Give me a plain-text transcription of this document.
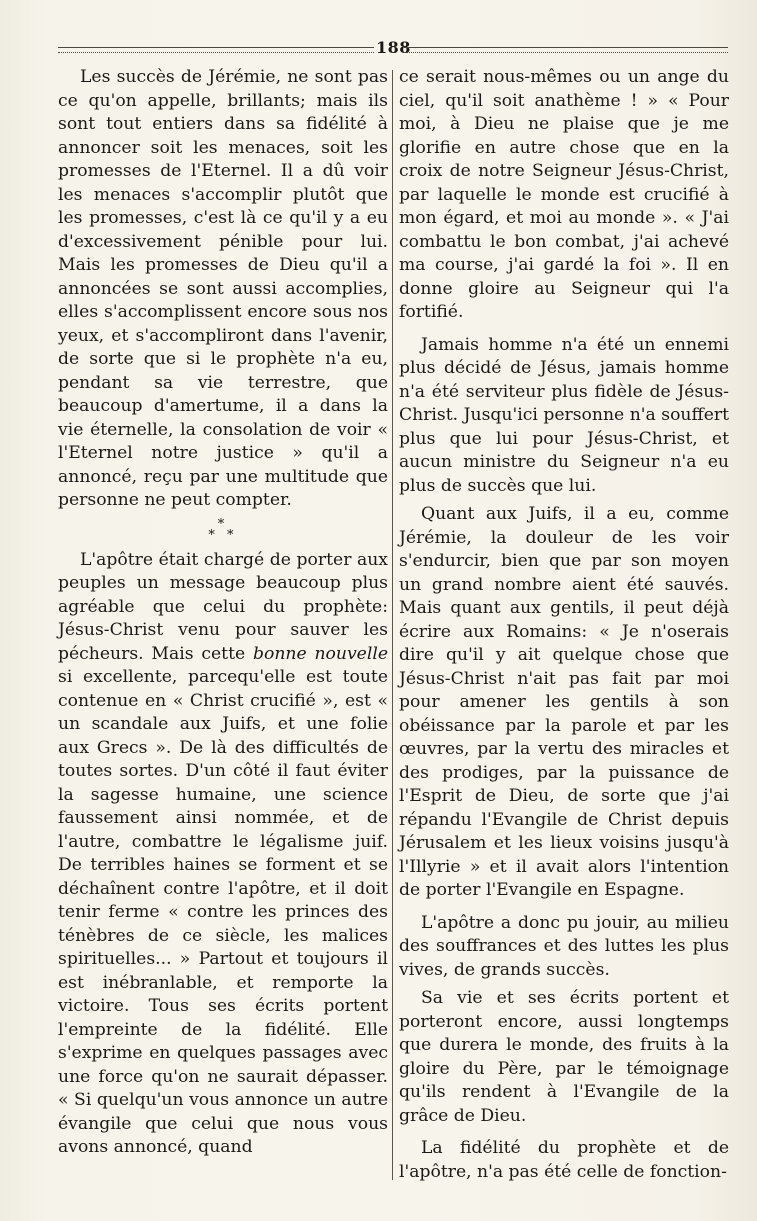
188

Les succès de Jérémie, ne sont pas ce qu'on appelle, brillants; mais ils sont tout entiers dans sa fidélité à annoncer soit les menaces, soit les promesses de l'Eternel. Il a dû voir les menaces s'accomplir plutôt que les promesses, c'est là ce qu'il y a eu d'excessivement pénible pour lui. Mais les promesses de Dieu qu'il a annoncées se sont aussi accomplies, elles s'accomplissent encore sous nos yeux, et s'accompliront dans l'avenir, de sorte que si le prophète n'a eu, pendant sa vie terrestre, que beaucoup d'amertume, il a dans la vie éternelle, la consolation de voir « l'Eternel notre justice » qu'il a annoncé, reçu par une multitude que personne ne peut compter.

*
* *

L'apôtre était chargé de porter aux peuples un message beaucoup plus agréable que celui du prophète: Jésus-Christ venu pour sauver les pécheurs. Mais cette bonne nouvelle si excellente, parcequ'elle est toute contenue en « Christ crucifié », est « un scandale aux Juifs, et une folie aux Grecs ». De là des difficultés de toutes sortes. D'un côté il faut éviter la sagesse humaine, une science faussement ainsi nommée, et de l'autre, combattre le légalisme juif. De terribles haines se forment et se déchaînent contre l'apôtre, et il doit tenir ferme « contre les princes des ténèbres de ce siècle, les malices spirituelles... » Partout et toujours il est inébranlable, et remporte la victoire. Tous ses écrits portent l'empreinte de la fidélité. Elle s'exprime en quelques passages avec une force qu'on ne saurait dépasser. « Si quelqu'un vous annonce un autre évangile que celui que nous vous avons annoncé, quand

ce serait nous-mêmes ou un ange du ciel, qu'il soit anathème ! » « Pour moi, à Dieu ne plaise que je me glorifie en autre chose que en la croix de notre Seigneur Jésus-Christ, par laquelle le monde est crucifié à mon égard, et moi au monde ». « J'ai combattu le bon combat, j'ai achevé ma course, j'ai gardé la foi ». Il en donne gloire au Seigneur qui l'a fortifié.

Jamais homme n'a été un ennemi plus décidé de Jésus, jamais homme n'a été serviteur plus fidèle de Jésus-Christ. Jusqu'ici personne n'a souffert plus que lui pour Jésus-Christ, et aucun ministre du Seigneur n'a eu plus de succès que lui.

Quant aux Juifs, il a eu, comme Jérémie, la douleur de les voir s'endurcir, bien que par son moyen un grand nombre aient été sauvés. Mais quant aux gentils, il peut déjà écrire aux Romains: « Je n'oserais dire qu'il y ait quelque chose que Jésus-Christ n'ait pas fait par moi pour amener les gentils à son obéissance par la parole et par les œuvres, par la vertu des miracles et des prodiges, par la puissance de l'Esprit de Dieu, de sorte que j'ai répandu l'Evangile de Christ depuis Jérusalem et les lieux voisins jusqu'à l'Illyrie » et il avait alors l'intention de porter l'Evangile en Espagne.

L'apôtre a donc pu jouir, au milieu des souffrances et des luttes les plus vives, de grands succès.

Sa vie et ses écrits portent et porteront encore, aussi longtemps que durera le monde, des fruits à la gloire du Père, par le témoignage qu'ils rendent à l'Evangile de la grâce de Dieu.

La fidélité du prophète et de l'apôtre, n'a pas été celle de fonction-
